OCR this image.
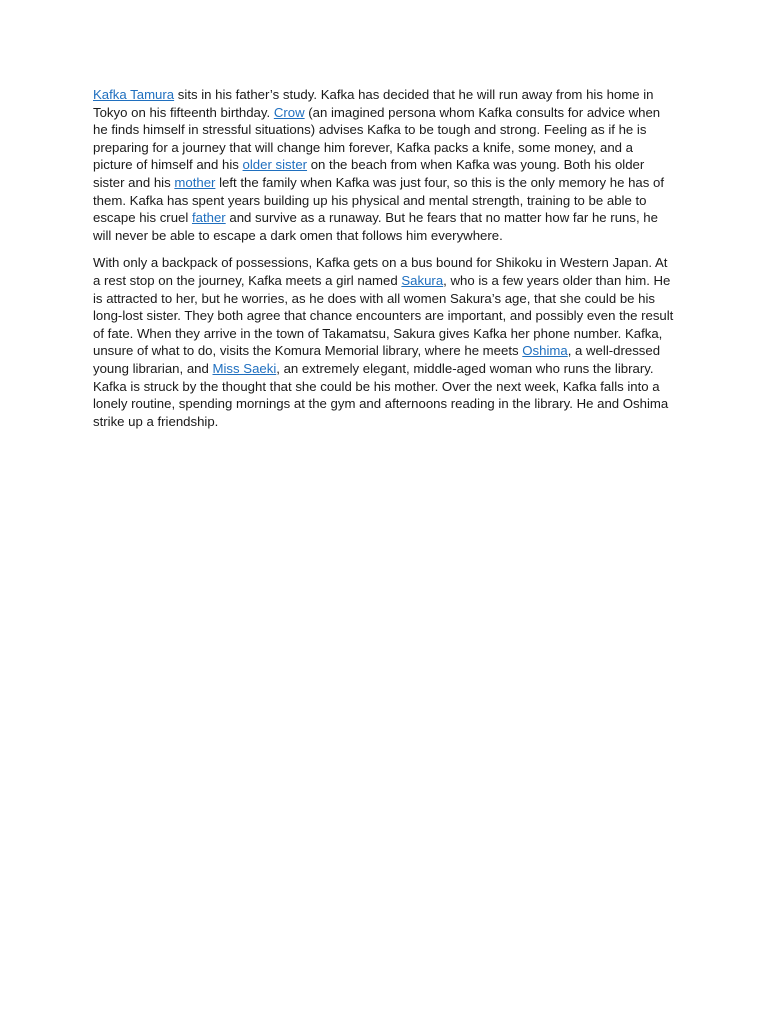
Kafka Tamura sits in his father’s study. Kafka has decided that he will run away from his home in Tokyo on his fifteenth birthday. Crow (an imagined persona whom Kafka consults for advice when he finds himself in stressful situations) advises Kafka to be tough and strong. Feeling as if he is preparing for a journey that will change him forever, Kafka packs a knife, some money, and a picture of himself and his older sister on the beach from when Kafka was young. Both his older sister and his mother left the family when Kafka was just four, so this is the only memory he has of them. Kafka has spent years building up his physical and mental strength, training to be able to escape his cruel father and survive as a runaway. But he fears that no matter how far he runs, he will never be able to escape a dark omen that follows him everywhere.

With only a backpack of possessions, Kafka gets on a bus bound for Shikoku in Western Japan. At a rest stop on the journey, Kafka meets a girl named Sakura, who is a few years older than him. He is attracted to her, but he worries, as he does with all women Sakura’s age, that she could be his long-lost sister. They both agree that chance encounters are important, and possibly even the result of fate. When they arrive in the town of Takamatsu, Sakura gives Kafka her phone number. Kafka, unsure of what to do, visits the Komura Memorial library, where he meets Oshima, a well-dressed young librarian, and Miss Saeki, an extremely elegant, middle-aged woman who runs the library. Kafka is struck by the thought that she could be his mother. Over the next week, Kafka falls into a lonely routine, spending mornings at the gym and afternoons reading in the library. He and Oshima strike up a friendship.
